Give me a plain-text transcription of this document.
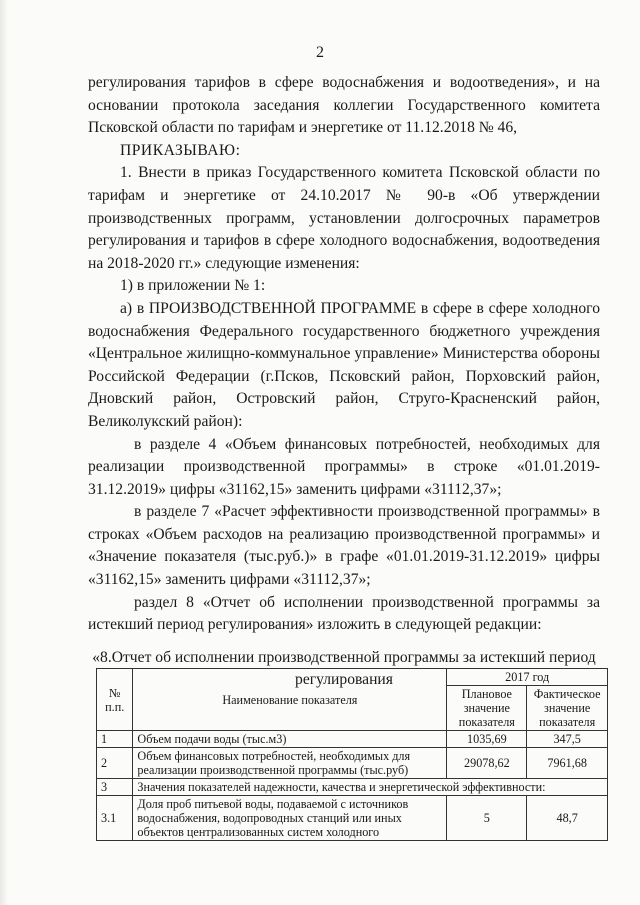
2

регулирования тарифов в сфере водоснабжения и водоотведения», и на основании протокола заседания коллегии Государственного комитета Псковской области по тарифам и энергетике от 11.12.2018 № 46,

ПРИКАЗЫВАЮ:

1. Внести в приказ Государственного комитета Псковской области по тарифам и энергетике от 24.10.2017 № 90-в «Об утверждении производственных программ, установлении долгосрочных параметров регулирования и тарифов в сфере холодного водоснабжения, водоотведения на 2018-2020 гг.» следующие изменения:

1) в приложении № 1:

а) в ПРОИЗВОДСТВЕННОЙ ПРОГРАММЕ в сфере в сфере холодного водоснабжения Федерального государственного бюджетного учреждения «Центральное жилищно-коммунальное управление» Министерства обороны Российской Федерации (г.Псков, Псковский район, Порховский район, Дновский район, Островский район, Струго-Красненский район, Великолукский район):

в разделе 4 «Объем финансовых потребностей, необходимых для реализации производственной программы» в строке «01.01.2019-31.12.2019» цифры «31162,15» заменить цифрами «31112,37»;

в разделе 7 «Расчет эффективности производственной программы» в строках «Объем расходов на реализацию производственной программы» и «Значение показателя (тыс.руб.)» в графе «01.01.2019-31.12.2019» цифры «31162,15» заменить цифрами «31112,37»;

раздел 8 «Отчет об исполнении производственной программы за истекший период регулирования» изложить в следующей редакции:

«8.Отчет об исполнении производственной программы за истекший период регулирования
№ п.п.	Наименование показателя	2017 год	
		Плановое значение показателя	Фактическое значение показателя
1	Объем подачи воды (тыс.м3)	1035,69	347,5
2	Объем финансовых потребностей, необходимых для реализации производственной программы (тыс.руб)	29078,62	7961,68
3	Значения показателей надежности, качества и энергетической эффективности:		
3.1	Доля проб питьевой воды, подаваемой с источников водоснабжения, водопроводных станций или иных объектов централизованных систем холодного	5	48,7
